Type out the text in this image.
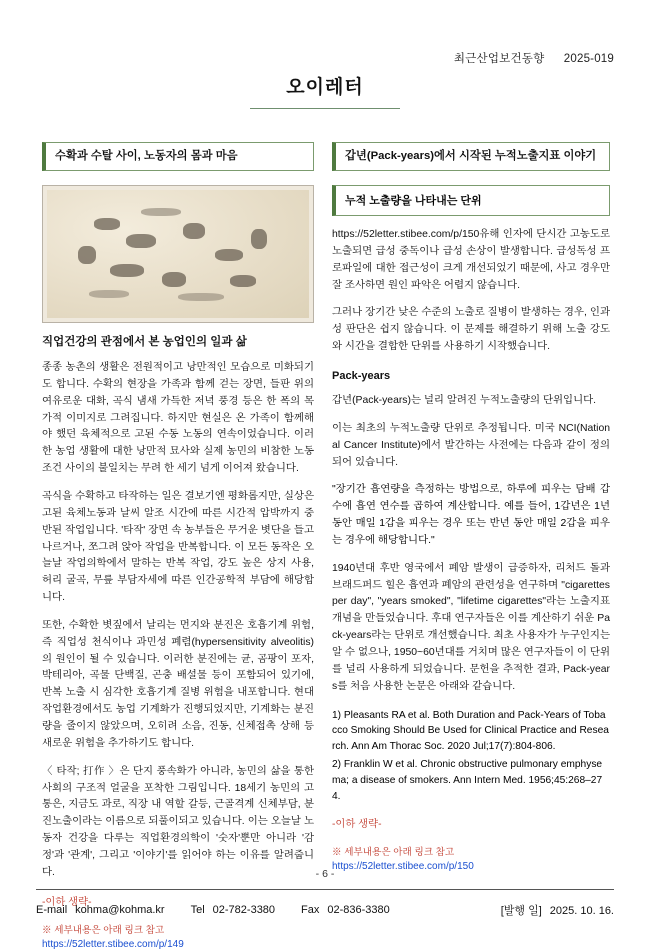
최근산업보건동향 2025-019
오이레터
수확과 수탈 사이, 노동자의 몸과 마음
직업건강의 관점에서 본 농업인의 일과 삶

종종 농촌의 생활은 전원적이고 낭만적인 모습으로 미화되기도 합니다. 수확의 현장을 가족과 함께 걷는 장면, 들판 위의 여유로운 대화, 곡식 냄새 가득한 저녁 풍경 등은 한 폭의 목가적 이미지로 그려집니다. 하지만 현실은 온 가족이 함께해야 했던 육체적으로 고된 수동 노동의 연속이었습니다. 이러한 농업 생활에 대한 낭만적 묘사와 실제 농민의 비참한 노동 조건 사이의 불일치는 무려 한 세기 넘게 이어져 왔습니다.

곡식을 수확하고 타작하는 일은 결보기엔 평화롭지만, 실상은 고된 육체노동과 날씨 알조 시간에 따른 시간적 압박까지 중반된 작업입니다. '타작' 장면 속 농부들은 무거운 볏단을 들고 나르거나, 쪼그려 앉아 작업을 반복합니다. 이 모든 동작은 오늘날 작업의학에서 말하는 반복 작업, 강도 높은 상지 사용, 허리 굴곡, 무릎 부담자세에 따른 인간공학적 부담에 해당합니다.

또한, 수확한 볏짚에서 날리는 먼지와 분진은 호흡기계 위험, 즉 직업성 천식이나 과민성 폐렴(hypersensitivity alveolitis)의 원인이 될 수 있습니다. 이러한 분진에는 균, 곰팡이 포자, 박테리아, 곡물 단백질, 곤충 배설물 등이 포함되어 있기에, 반복 노출 시 심각한 호흡기계 질병 위험을 내포합니다. 현대 작업환경에서도 농업 기계화가 진행되었지만, 기계화는 분진량을 줄이지 않았으며, 오히려 소음, 진동, 신체접촉 상해 등 새로운 위험을 추가하기도 합니다.

〈 타작; 打作 〉은 단지 풍속화가 아니라, 농민의 삶을 통한 사회의 구조적 얼굴을 포착한 그림입니다. 18세기 농민의 고통은, 지금도 과로, 직장 내 역할 갈등, 근골격계 신체부담, 분진노출이라는 이름으로 되풀이되고 있습니다. 이는 오늘날 노동자 건강을 다루는 직업환경의학이 '숫자'뿐만 아니라 '감정'과 '관계', 그리고 '이야기'를 읽어야 하는 이유를 알려줍니다.

-이하 생략-
※ 세부내용은 아래 링크 참고
https://52letter.stibee.com/p/149
갑년(Pack-years)에서 시작된 누적노출지표 이야기
누적 노출량을 나타내는 단위

https://52letter.stibee.com/p/150유해 인자에 단시간 고농도로 노출되면 급성 중독이나 급성 손상이 발생합니다. 급성독성 프로파일에 대한 접근성이 크게 개선되었기 때문에, 사고 경우만 잘 조사하면 원인 파악은 어렵지 않습니다.

그러나 장기간 낮은 수준의 노출로 질병이 발생하는 경우, 인과성 판단은 쉽지 않습니다. 이 문제를 해결하기 위해 노출 강도와 시간을 결합한 단위를 사용하기 시작했습니다.

Pack-years

갑년(Pack-years)는 널리 알려진 누적노출량의 단위입니다.

이는 최초의 누적노출량 단위로 추정됩니다. 미국 NCI(National Cancer Institute)에서 발간하는 사전에는 다음과 같이 정의되어 있습니다.

"장기간 흡연량을 측정하는 방법으로, 하루에 피우는 담배 갑 수에 흡연 연수를 곱하여 계산합니다. 예를 들어, 1갑년은 1년 동안 매일 1갑을 피우는 경우 또는 반년 동안 매일 2갑을 피우는 경우에 해당합니다."

1940년대 후반 영국에서 폐암 발생이 급증하자, 리처드 돌과 브래드퍼드 힐은 흡연과 폐암의 관련성을 연구하며 "cigarettes per day", "years smoked", "lifetime cigarettes"라는 노출지표 개념을 만들었습니다. 후대 연구자들은 이를 계산하기 쉬운 Pack-years라는 단위로 개선했습니다. 최초 사용자가 누구인지는 알 수 없으나, 1950~60년대를 거치며 많은 연구자들이 이 단위를 널리 사용하게 되었습니다. 문헌을 추적한 결과, Pack-years를 처음 사용한 논문은 아래와 같습니다.

1) Pleasants RA et al. Both Duration and Pack-Years of Tobacco Smoking Should Be Used for Clinical Practice and Research. Ann Am Thorac Soc. 2020 Jul;17(7):804-806.
2) Franklin W et al. Chronic obstructive pulmonary emphysema; a disease of smokers. Ann Intern Med. 1956;45:268–274.
-이하 생략-
※ 세부내용은 아래 링크 참고
https://52letter.stibee.com/p/150
- 6 -
E-mail kohma@kohma.kr Tel 02-782-3380 Fax 02-836-3380	[발행 일] 2025. 10. 16.
